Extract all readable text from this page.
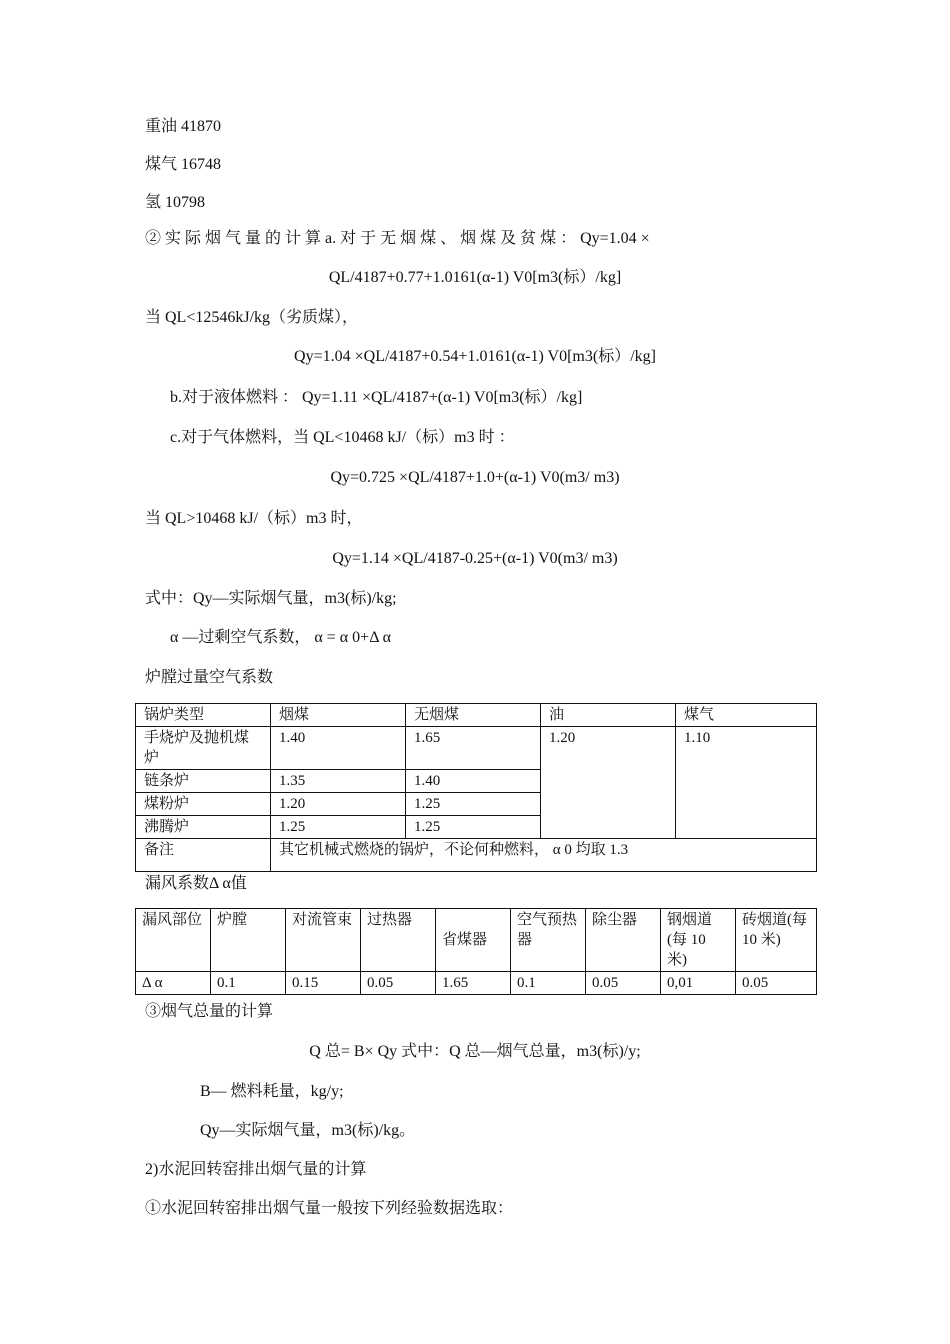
重油 41870
煤气 16748
氢 10798
② 实 际 烟 气 量 的 计 算 a. 对 于 无 烟 煤 、 烟 煤 及 贫 煤 ： Qy=1.04 ×
QL/4187+0.77+1.0161(α-1) V0[m3(标）/kg]
当 QL<12546kJ/kg（劣质煤），
Qy=1.04 ×QL/4187+0.54+1.0161(α-1) V0[m3(标）/kg]
b.对于液体燃料 ： Qy=1.11 ×QL/4187+(α-1) V0[m3(标）/kg]
c.对于气体燃料，当 QL<10468 kJ/（标）m3 时 ：
Qy=0.725 ×QL/4187+1.0+(α-1) V0(m3/ m3)
当 QL>10468 kJ/（标）m3 时，
Qy=1.14 ×QL/4187-0.25+(α-1) V0(m3/ m3)
式中：Qy—实际烟气量，m3(标)/kg;
α —过剩空气系数， α = α 0+Δ α
炉膛过量空气系数
锅炉类型	烟煤	无烟煤	油	煤气
手烧炉及抛机煤炉	1.40	1.65	1.20	1.10
链条炉	1.35	1.40		
煤粉炉	1.20	1.25		
沸腾炉	1.25	1.25		
备注	其它机械式燃烧的锅炉，不论何种燃料， α 0 均取 1.3			
漏风系数Δ α值
漏风部位	炉膛	对流管束	过热器	省煤器	空气预热器	除尘器	钢烟道(每 10 米)	砖烟道(每 10 米)
Δ α	0.1	0.15	0.05	1.65	0.1	0.05	0,01	0.05
③烟气总量的计算
Q 总= B× Qy 式中：Q 总—烟气总量，m3(标)/y;
B— 燃料耗量，kg/y;
Qy—实际烟气量，m3(标)/kg。
2)水泥回转窑排出烟气量的计算
①水泥回转窑排出烟气量一般按下列经验数据选取：
